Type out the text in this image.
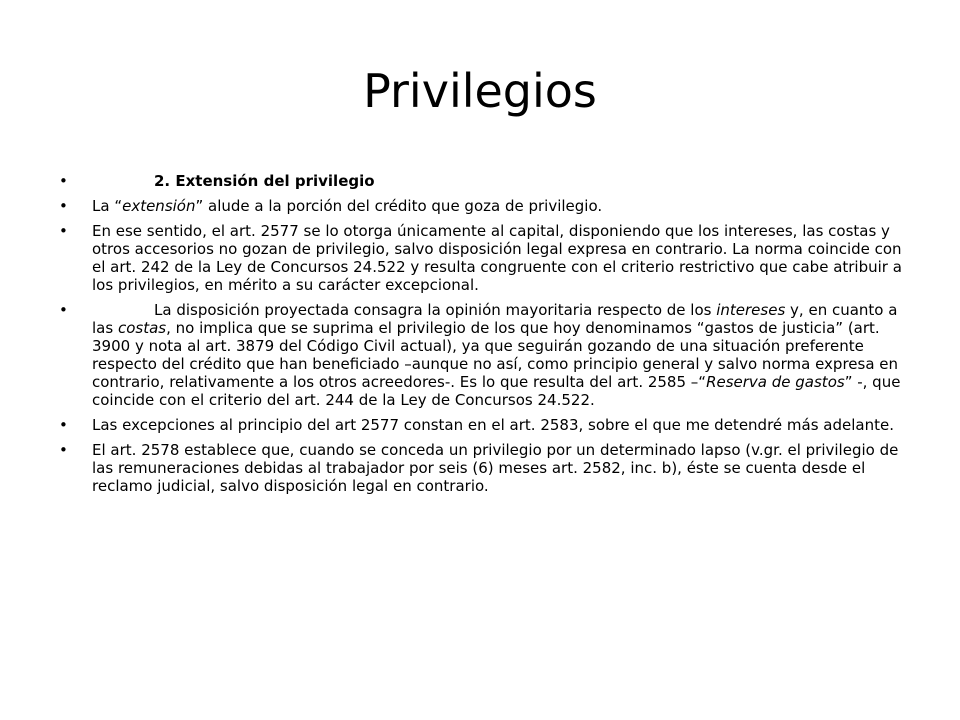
Privilegios
•	2. Extensión del privilegio
•	La “extensión” alude a la porción del crédito que goza de privilegio.
•	En ese sentido, el art. 2577 se lo otorga únicamente al capital, disponiendo que los intereses, las costas y otros accesorios no gozan de privilegio, salvo disposición legal expresa en contrario. La norma coincide con el art. 242 de la Ley de Concursos 24.522 y resulta congruente con el criterio restrictivo que cabe atribuir a los privilegios, en mérito a su carácter excepcional.
•	La disposición proyectada consagra la opinión mayoritaria respecto de los intereses y, en cuanto a las costas, no implica que se suprima el privilegio de los que hoy denominamos “gastos de justicia” (art. 3900 y nota al art. 3879 del Código Civil actual), ya que seguirán gozando de una situación preferente respecto del crédito que han beneficiado –aunque no así, como principio general y salvo norma expresa en contrario, relativamente a los otros acreedores-. Es lo que resulta del art. 2585 –“Reserva de gastos” -, que coincide con el criterio del art. 244 de la Ley de Concursos 24.522.
•	Las excepciones al principio del art 2577 constan en el art. 2583, sobre el que me detendré más adelante.
•	El art. 2578 establece que, cuando se conceda un privilegio por un determinado lapso (v.gr. el privilegio de las remuneraciones debidas al trabajador por seis (6) meses art. 2582, inc. b), éste se cuenta desde el reclamo judicial, salvo disposición legal en contrario.
